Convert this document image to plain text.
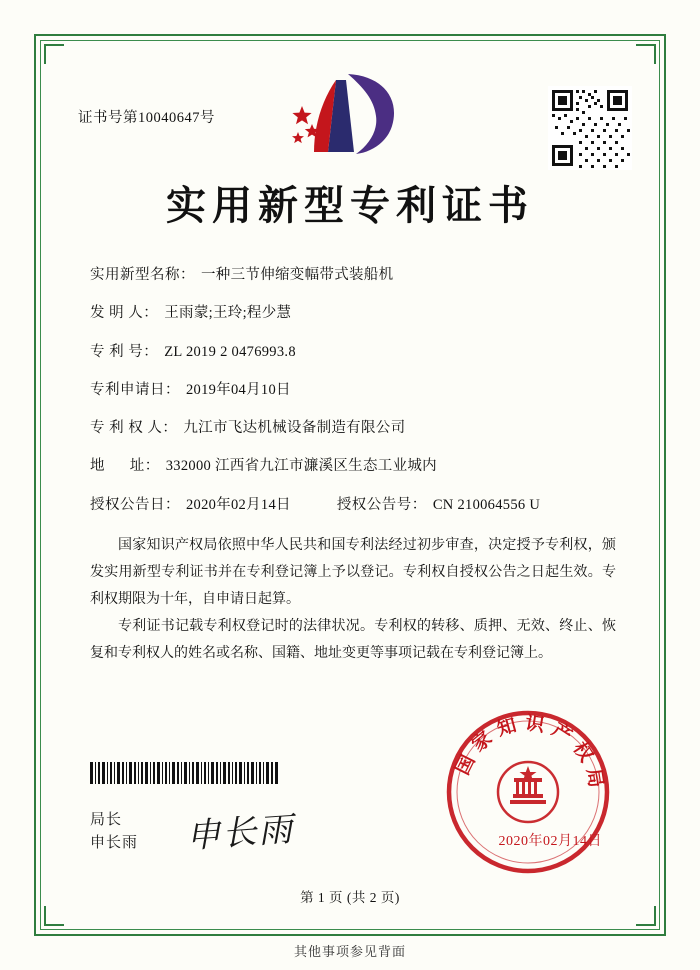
证书号第10040647号
实用新型专利证书
实用新型名称： 一种三节伸缩变幅带式装船机
发 明 人： 王雨蒙;王玲;程少慧
专 利 号： ZL 2019 2 0476993.8
专利申请日： 2019年04月10日
专 利 权 人： 九江市飞达机械设备制造有限公司
地      址： 332000 江西省九江市濂溪区生态工业城内
授权公告日： 2020年02月14日	授权公告号： CN 210064556 U

国家知识产权局依照中华人民共和国专利法经过初步审查，决定授予专利权，颁发实用新型专利证书并在专利登记簿上予以登记。专利权自授权公告之日起生效。专利权期限为十年，自申请日起算。

专利证书记载专利权登记时的法律状况。专利权的转移、质押、无效、终止、恢复和专利权人的姓名或名称、国籍、地址变更等事项记载在专利登记簿上。

局长
申长雨 申长雨
国家知识产权局
2020年02月14日
第 1 页 (共 2 页)
其他事项参见背面
